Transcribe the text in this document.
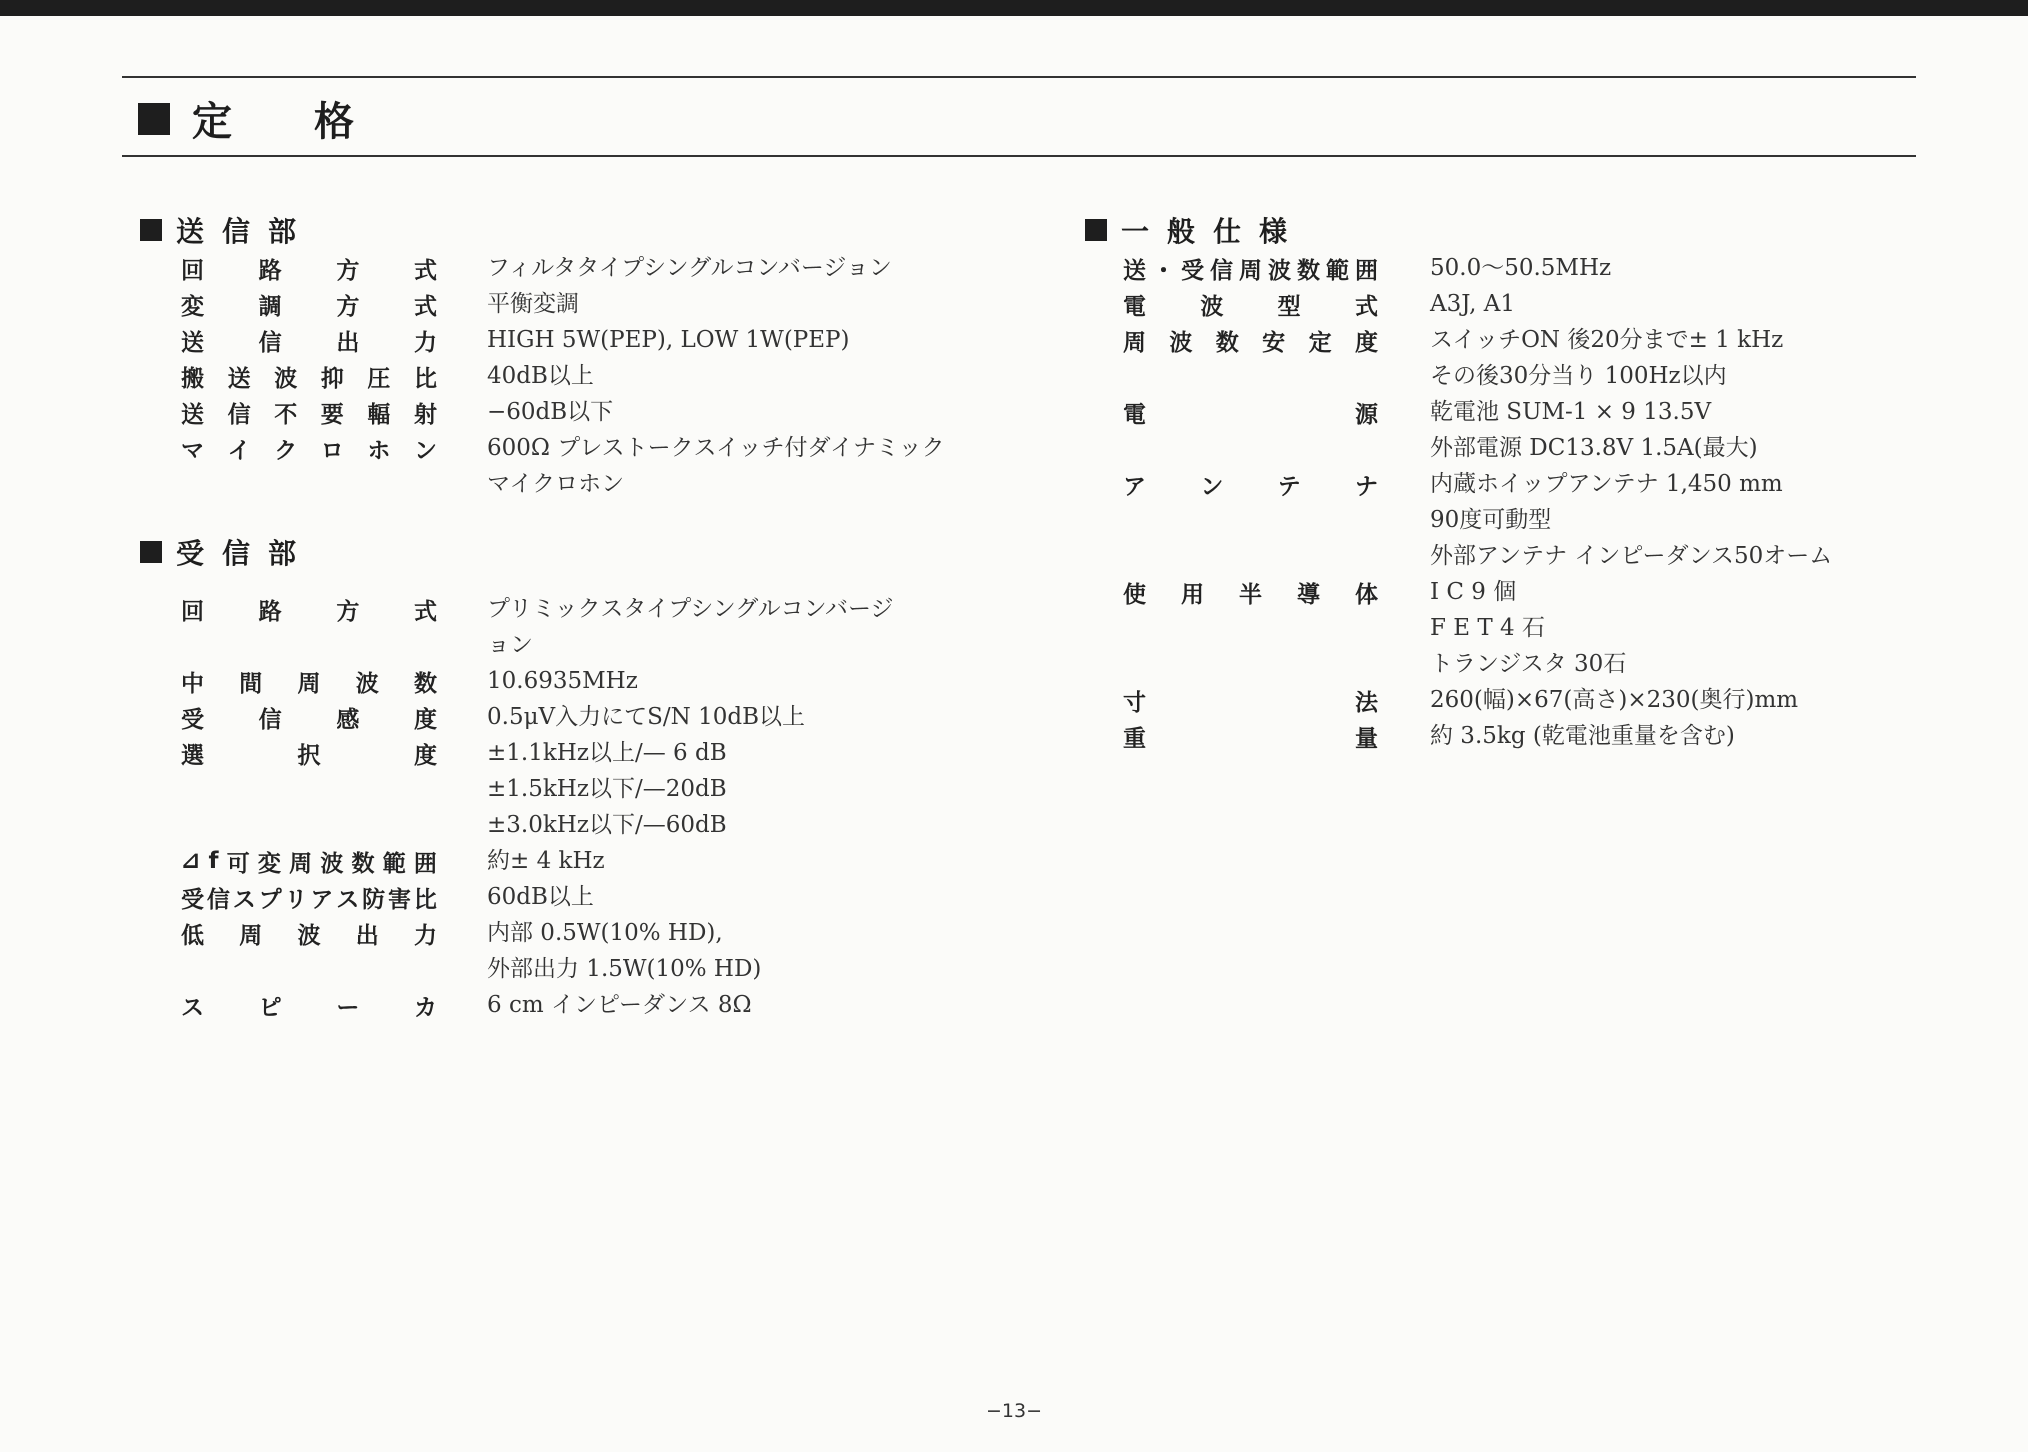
定格
送信部
回 路 方 式 フィルタタイプシングルコンバージョン
変 調 方 式 平衡変調
送 信 出 力 HIGH 5W(PEP), LOW 1W(PEP)
搬 送 波 抑 圧 比 40dB以上
送 信 不 要 輻 射 −60dB以下
マ イ ク ロ ホ ン 600Ω プレストークスイッチ付ダイナミック
マイクロホン
受信部
回 路 方 式 プリミックスタイプシングルコンバージ
ョン
中 間 周 波 数 10.6935MHz
受 信 感 度 0.5μV入力にてS/N 10dB以上
選	択	度 ±1.1kHz以上/— 6 dB
±1.5kHz以下/—20dB
±3.0kHz以下/—60dB
⊿ f 可 変 周 波 数 範 囲 約± 4 kHz
受 信 ス プ リ ア ス 防 害 比 60dB以上
低 周 波 出 力 内部 0.5W(10% HD),
外部出力 1.5W(10% HD)
ス ピ ー カ 6 cm インピーダンス 8Ω
一般仕様
送 ・ 受 信 周 波 数 範 囲 50.0〜50.5MHz
電 波 型 式 A3J, A1
周 波 数 安 定 度 スイッチON 後20分まで± 1 kHz
その後30分当り 100Hz以内
電	源 乾電池 SUM-1 × 9 13.5V
外部電源 DC13.8V 1.5A(最大)
ア ン テ ナ 内蔵ホイップアンテナ 1,450 mm
90度可動型
外部アンテナ インピーダンス50オーム
使 用 半 導 体 I C 9 個
F E T 4 石
トランジスタ 30石
寸	法 260(幅)×67(高さ)×230(奥行)mm
重	量 約 3.5kg (乾電池重量を含む)
−13−
